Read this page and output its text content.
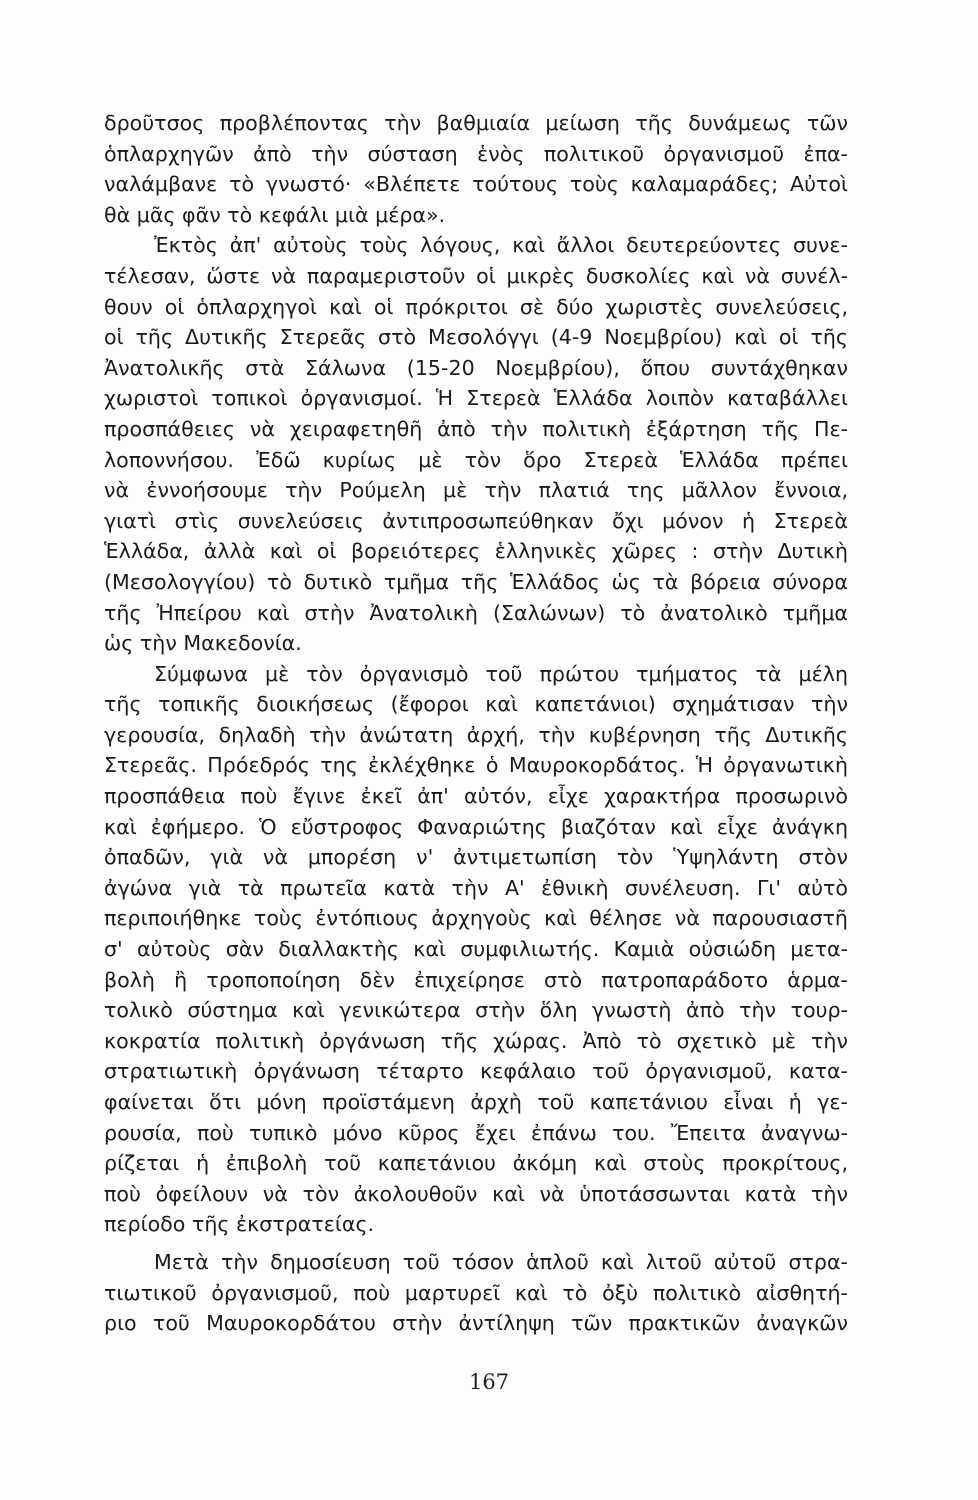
δροῦτσος προβλέποντας τὴν βαθμιαία μείωση τῆς δυνάμεως τῶν
ὁπλαρχηγῶν ἀπὸ τὴν σύσταση ἑνὸς πολιτικοῦ ὀργανισμοῦ ἐπα-
ναλάμβανε τὸ γνωστό· «Βλέπετε τούτους τοὺς καλαμαράδες; Αὐτοὶ
θὰ μᾶς φᾶν τὸ κεφάλι μιὰ μέρα».
Ἐκτὸς ἀπ' αὐτοὺς τοὺς λόγους, καὶ ἄλλοι δευτερεύοντες συνε-
τέλεσαν, ὥστε νὰ παραμεριστοῦν οἱ μικρὲς δυσκολίες καὶ νὰ συνέλ-
θουν οἱ ὁπλαρχηγοὶ καὶ οἱ πρόκριτοι σὲ δύο χωριστὲς συνελεύσεις,
οἱ τῆς Δυτικῆς Στερεᾶς στὸ Μεσολόγγι (4-9 Νοεμβρίου) καὶ οἱ τῆς
Ἀνατολικῆς στὰ Σάλωνα (15-20 Νοεμβρίου), ὅπου συντάχθηκαν
χωριστοὶ τοπικοὶ ὀργανισμοί. Ἡ Στερεὰ Ἑλλάδα λοιπὸν καταβάλλει
προσπάθειες νὰ χειραφετηθῆ ἀπὸ τὴν πολιτικὴ ἐξάρτηση τῆς Πε-
λοποννήσου. Ἐδῶ κυρίως μὲ τὸν ὅρο Στερεὰ Ἑλλάδα πρέπει
νὰ ἐννοήσουμε τὴν Ρούμελη μὲ τὴν πλατιά της μᾶλλον ἔννοια,
γιατὶ στὶς συνελεύσεις ἀντιπροσωπεύθηκαν ὄχι μόνον ἡ Στερεὰ
Ἑλλάδα, ἀλλὰ καὶ οἱ βορειότερες ἑλληνικὲς χῶρες : στὴν Δυτικὴ
(Μεσολογγίου) τὸ δυτικὸ τμῆμα τῆς Ἑλλάδος ὡς τὰ βόρεια σύνορα
τῆς Ἠπείρου καὶ στὴν Ἀνατολικὴ (Σαλώνων) τὸ ἀνατολικὸ τμῆμα
ὡς τὴν Μακεδονία.
Σύμφωνα μὲ τὸν ὀργανισμὸ τοῦ πρώτου τμήματος τὰ μέλη
τῆς τοπικῆς διοικήσεως (ἔφοροι καὶ καπετάνιοι) σχημάτισαν τὴν
γερουσία, δηλαδὴ τὴν ἀνώτατη ἀρχή, τὴν κυβέρνηση τῆς Δυτικῆς
Στερεᾶς. Πρόεδρός της ἐκλέχθηκε ὁ Μαυροκορδάτος. Ἡ ὀργανωτικὴ
προσπάθεια ποὺ ἔγινε ἐκεῖ ἀπ' αὐτόν, εἶχε χαρακτήρα προσωρινὸ
καὶ ἐφήμερο. Ὁ εὔστροφος Φαναριώτης βιαζόταν καὶ εἶχε ἀνάγκη
ὀπαδῶν, γιὰ νὰ μπορέση ν' ἀντιμετωπίση τὸν Ὑψηλάντη στὸν
ἀγώνα γιὰ τὰ πρωτεῖα κατὰ τὴν Α' ἐθνικὴ συνέλευση. Γι' αὐτὸ
περιποιήθηκε τοὺς ἐντόπιους ἀρχηγοὺς καὶ θέλησε νὰ παρουσιαστῆ
σ' αὐτοὺς σὰν διαλλακτὴς καὶ συμφιλιωτής. Καμιὰ οὐσιώδη μετα-
βολὴ ἢ τροποποίηση δὲν ἐπιχείρησε στὸ πατροπαράδοτο ἁρμα-
τολικὸ σύστημα καὶ γενικώτερα στὴν ὅλη γνωστὴ ἀπὸ τὴν τουρ-
κοκρατία πολιτικὴ ὀργάνωση τῆς χώρας. Ἀπὸ τὸ σχετικὸ μὲ τὴν
στρατιωτικὴ ὀργάνωση τέταρτο κεφάλαιο τοῦ ὀργανισμοῦ, κατα-
φαίνεται ὅτι μόνη προϊστάμενη ἀρχὴ τοῦ καπετάνιου εἶναι ἡ γε-
ρουσία, ποὺ τυπικὸ μόνο κῦρος ἔχει ἐπάνω του. Ἔπειτα ἀναγνω-
ρίζεται ἡ ἐπιβολὴ τοῦ καπετάνιου ἀκόμη καὶ στοὺς προκρίτους,
ποὺ ὀφείλουν νὰ τὸν ἀκολουθοῦν καὶ νὰ ὑποτάσσωνται κατὰ τὴν
περίοδο τῆς ἐκστρατείας.
Μετὰ τὴν δημοσίευση τοῦ τόσον ἁπλοῦ καὶ λιτοῦ αὐτοῦ στρα-
τιωτικοῦ ὀργανισμοῦ, ποὺ μαρτυρεῖ καὶ τὸ ὀξὺ πολιτικὸ αἰσθητή-
ριο τοῦ Μαυροκορδάτου στὴν ἀντίληψη τῶν πρακτικῶν ἀναγκῶν
167
